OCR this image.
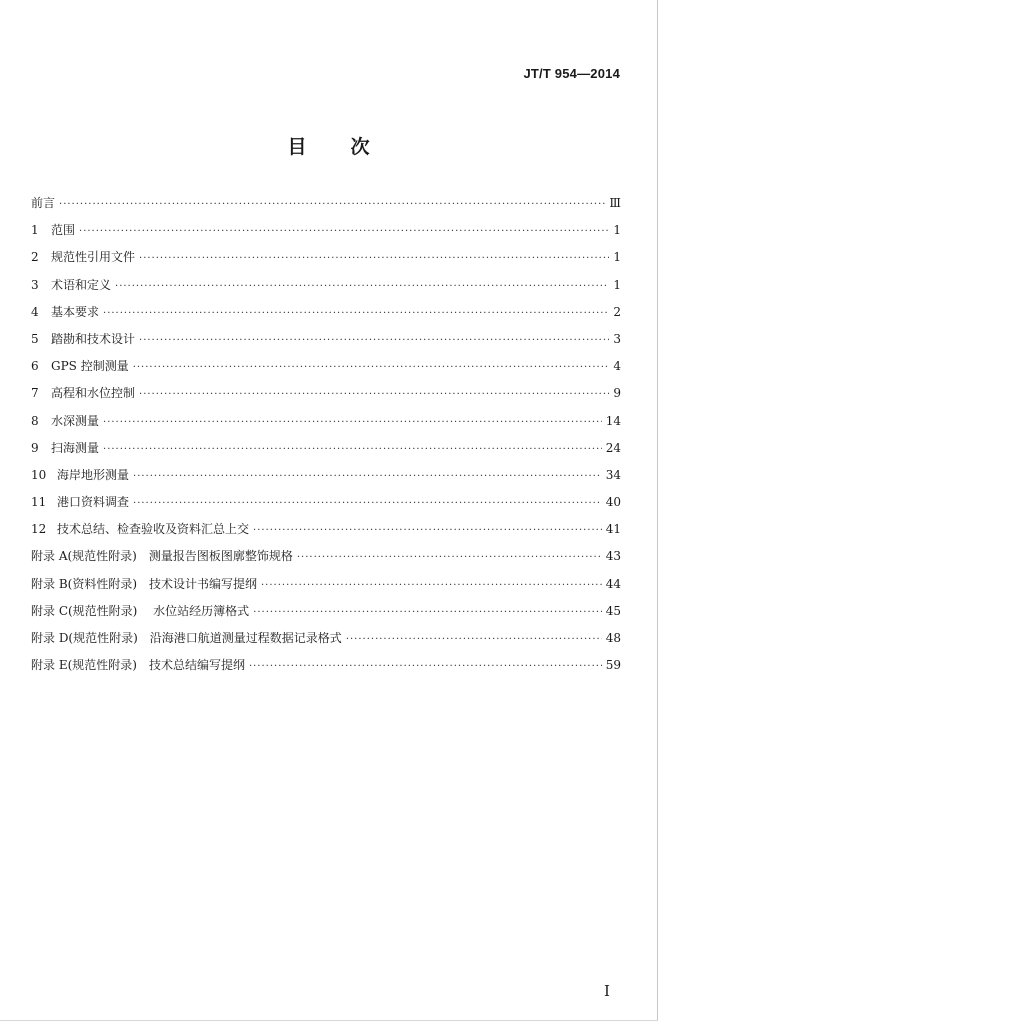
JT/T 954—2014
目 次
前言 ·····	Ⅲ
1 范围 ·····	1
2 规范性引用文件 ·····	1
3 术语和定义 ·····	1
4 基本要求 ·····	2
5 踏勘和技术设计 ·····	3
6 GPS 控制测量 ·····	4
7 高程和水位控制 ·····	9
8 水深测量 ·····	14
9 扫海测量 ·····	24
10 海岸地形测量 ·····	34
11 港口资料调查 ·····	40
12 技术总结、检查验收及资料汇总上交 ·····	41
附录 A(规范性附录)　测量报告图板图廓整饰规格 ·····	43
附录 B(资料性附录)　技术设计书编写提纲 ·····	44
附录 C(规范性附录)　 水位站经历簿格式 ·····	45
附录 D(规范性附录)　沿海港口航道测量过程数据记录格式 ·····	48
附录 E(规范性附录)　技术总结编写提纲 ·····	59
I
